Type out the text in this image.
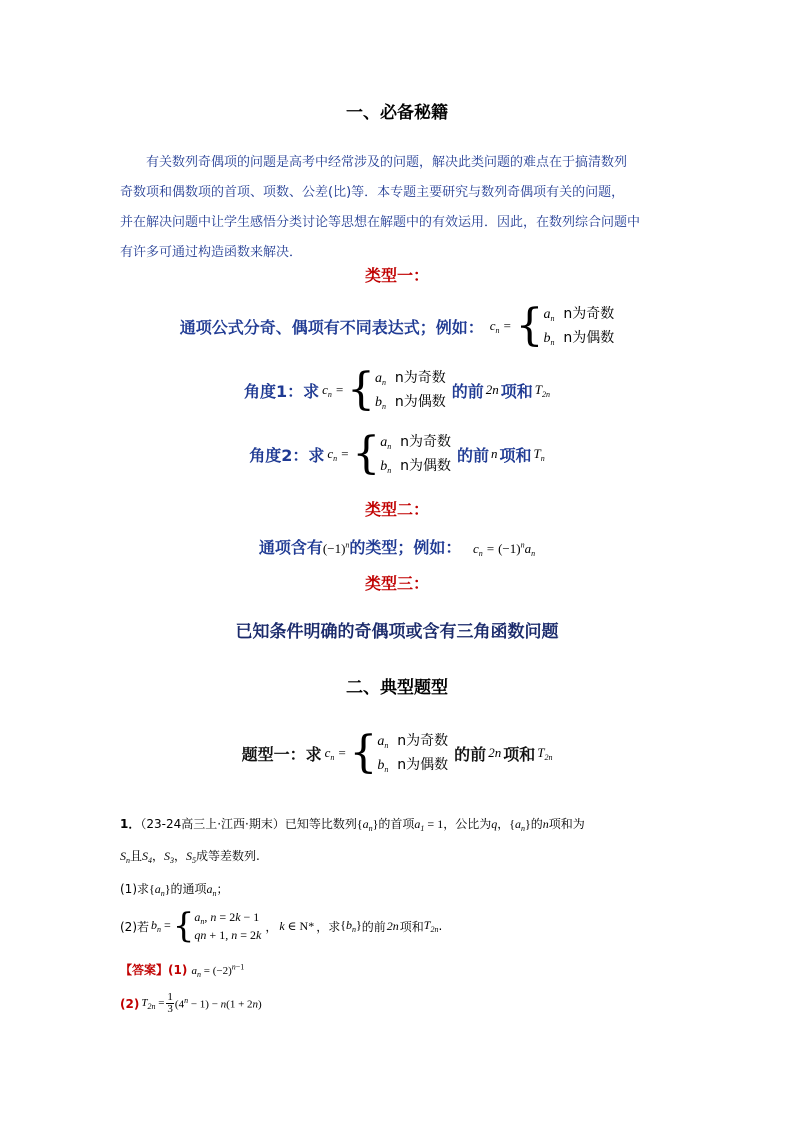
一、必备秘籍

有关数列奇偶项的问题是高考中经常涉及的问题，解决此类问题的难点在于搞清数列

奇数项和偶数项的首项、项数、公差(比)等．本专题主要研究与数列奇偶项有关的问题，

并在解决问题中让学生感悟分类讨论等思想在解题中的有效运用．因此，在数列综合问题中

有许多可通过构造函数来解决．

类型一：
通项公式分奇、偶项有不同表达式；例如： $c_n$ = { $a_n$ n为奇数
$b_n$ n为偶数
角度1：求 $c_n$ = { $a_n$ n为奇数
$b_n$ n为偶数
的前 2n 项和 $T_{2n}$
角度2：求 $c_n$ = { $a_n$ n为奇数
$b_n$ n为偶数
的前 n 项和 $T_n$
类型二：
通项含有$(-1)^n$的类型；例如： $c_n = (-1)^na_n$
类型三：
已知条件明确的奇偶项或含有三角函数问题
二、典型题型
题型一：求 $c_n$ = { $a_n$ n为奇数
$b_n$ n为偶数
的前 2n 项和 $T_{2n}$
1．（23-24高三上·江西·期末）已知等比数列$\{a_n\}$的首项$a_1 = 1$，公比为q，$\{a_n\}$的n项和为
$S_n$且$S_4$，$S_3$，$S_5$成等差数列.
(1)求$\{a_n\}$的通项$a_n$；
(2)若 $b_n$ = { $a_n$, n = 2k − 1
qn + 1, n = 2k
， k ∈ N* ，求 $\{b_n\}$ 的前 2n 项和 $T_{2n}$ .
【答案】(1) $a_n = (-2)^{n-1}$
(2) $T_{2n} = \frac{1}{3} (4^n - 1) - n(1 + 2n)$
